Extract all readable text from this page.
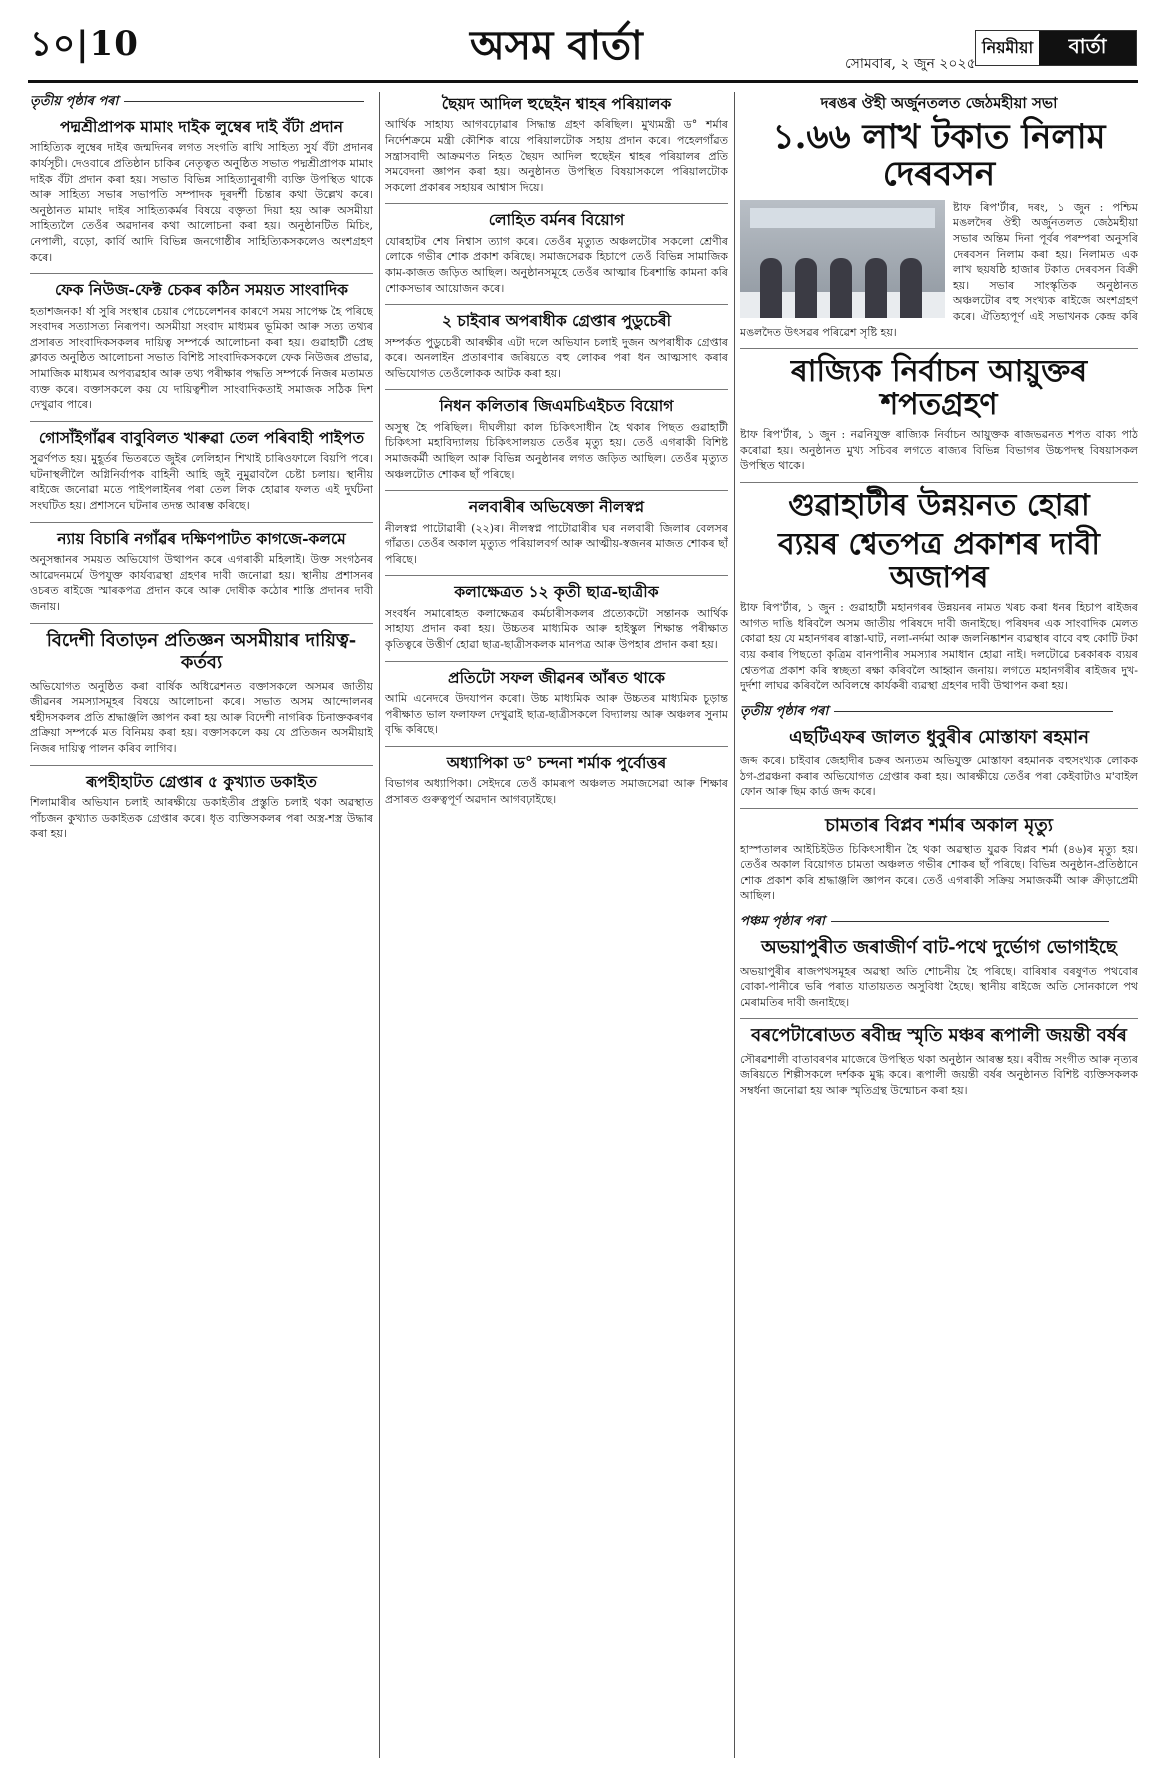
১০|10	অসম বাৰ্তা	সোমবাৰ, ২ জুন ২০২৫
নিয়মীয়া	বাৰ্তা
তৃতীয় পৃষ্ঠাৰ পৰা
পদ্মশ্ৰীপ্ৰাপক মামাং দাইক লুম্বেৰ দাই বঁটা প্ৰদান
সাহিত্যিক লুম্বেৰ দাইৰ জন্মদিনৰ লগত সংগতি ৰাখি সাহিত্য সুৰ্য বঁটা প্ৰদানৰ কাৰ্যসূচী। দেওবাৰে প্ৰতিষ্ঠান চাকিৰ নেতৃত্বত অনুষ্ঠিত সভাত পদ্মশ্ৰীপ্ৰাপক মামাং দাইক বঁটা প্ৰদান কৰা হয়। সভাত বিভিন্ন সাহিত্যানুৰাগী ব্যক্তি উপস্থিত থাকে আৰু সাহিত্য সভাৰ সভাপতি সম্পাদক দূৰদৰ্শী চিন্তাৰ কথা উল্লেখ কৰে। অনুষ্ঠানত মামাং দাইৰ সাহিত্যকৰ্মৰ বিষয়ে বক্তৃতা দিয়া হয় আৰু অসমীয়া সাহিত্যলৈ তেওঁৰ অৱদানৰ কথা আলোচনা কৰা হয়। অনুষ্ঠানটিত মিচিং, নেপালী, বড়ো, কাৰ্বি আদি বিভিন্ন জনগোষ্ঠীৰ সাহিত্যিকসকলেও অংশগ্ৰহণ কৰে।
ফেক নিউজ-ফেক্ট চেকৰ কঠিন সময়ত সাংবাদিক
হতাশজনক! ৰ্ষা সুৰি সংস্থাৰ চেয়াৰ পেচেলেশনৰ কাৰণে সময় সাপেক্ষ হৈ পৰিছে সংবাদৰ সত্যাসত্য নিৰূপণ। অসমীয়া সংবাদ মাধ্যমৰ ভূমিকা আৰু সত্য তথ্যৰ প্ৰসাৰত সাংবাদিকসকলৰ দায়িত্ব সম্পৰ্কে আলোচনা কৰা হয়। গুৱাহাটী প্ৰেছ ক্লাবত অনুষ্ঠিত আলোচনা সভাত বিশিষ্ট সাংবাদিকসকলে ফেক নিউজৰ প্ৰভাৱ, সামাজিক মাধ্যমৰ অপব্যৱহাৰ আৰু তথ্য পৰীক্ষাৰ পদ্ধতি সম্পৰ্কে নিজৰ মতামত ব্যক্ত কৰে। বক্তাসকলে কয় যে দায়িত্বশীল সাংবাদিকতাই সমাজক সঠিক দিশ দেখুৱাব পাৰে।
গোসাঁইগাঁৱৰ বাবুবিলত খাৰুৱা তেল পৰিবাহী পাইপত
সুৱৰ্ণপত হয়। মুহূৰ্তৰ ভিতৰতে জুইৰ লেলিহান শিখাই চাৰিওফালে বিয়পি পৰে। ঘটনাস্থলীলৈ অগ্নিনিৰ্বাপক বাহিনী আহি জুই নুমুৱাবলৈ চেষ্টা চলায়। স্থানীয় ৰাইজে জনোৱা মতে পাইপলাইনৰ পৰা তেল লিক হোৱাৰ ফলত এই দুৰ্ঘটনা সংঘটিত হয়। প্ৰশাসনে ঘটনাৰ তদন্ত আৰম্ভ কৰিছে।
ন্যায় বিচাৰি নগাঁৱৰ দক্ষিণপাটত কাগজে-কলমে
অনুসন্ধানৰ সময়ত অভিযোগ উত্থাপন কৰে এগৰাকী মহিলাই। উক্ত সংগঠনৰ আৱেদনমৰ্মে উপযুক্ত কাৰ্যব্যৱস্থা গ্ৰহণৰ দাবী জনোৱা হয়। স্থানীয় প্ৰশাসনৰ ওচৰত ৰাইজে স্মাৰকপত্ৰ প্ৰদান কৰে আৰু দোষীক কঠোৰ শাস্তি প্ৰদানৰ দাবী জনায়।
বিদেশী বিতাড়ন প্ৰতিজ্ঞন অসমীয়াৰ দায়িত্ব-কৰ্তব্য
অভিযোগত অনুষ্ঠিত কৰা বাৰ্ষিক অধিৱেশনত বক্তাসকলে অসমৰ জাতীয় জীৱনৰ সমস্যাসমূহৰ বিষয়ে আলোচনা কৰে। সভাত অসম আন্দোলনৰ শ্বহীদসকলৰ প্ৰতি শ্ৰদ্ধাঞ্জলি জ্ঞাপন কৰা হয় আৰু বিদেশী নাগৰিক চিনাক্তকৰণৰ প্ৰক্ৰিয়া সম্পৰ্কে মত বিনিময় কৰা হয়। বক্তাসকলে কয় যে প্ৰতিজন অসমীয়াই নিজৰ দায়িত্ব পালন কৰিব লাগিব।
ৰূপহীহাটত গ্ৰেপ্তাৰ ৫ কুখ্যাত ডকাইত
শিলামাৰীৰ অভিযান চলাই আৰক্ষীয়ে ডকাইতীৰ প্ৰস্তুতি চলাই থকা অৱস্থাত পাঁচজন কুখ্যাত ডকাইতক গ্ৰেপ্তাৰ কৰে। ধৃত ব্যক্তিসকলৰ পৰা অস্ত্ৰ-শস্ত্ৰ উদ্ধাৰ কৰা হয়।
ছৈয়দ আদিল হুছেইন শ্বাহৰ পৰিয়ালক
আৰ্থিক সাহায্য আগবঢ়োৱাৰ সিদ্ধান্ত গ্ৰহণ কৰিছিল। মুখ্যমন্ত্ৰী ড° শৰ্মাৰ নিৰ্দেশক্ৰমে মন্ত্ৰী কৌশিক ৰায়ে পৰিয়ালটোক সহায় প্ৰদান কৰে। পহেলগাঁৱত সন্ত্ৰাসবাদী আক্ৰমণত নিহত ছৈয়দ আদিল হুছেইন শ্বাহৰ পৰিয়ালৰ প্ৰতি সমবেদনা জ্ঞাপন কৰা হয়। অনুষ্ঠানত উপস্থিত বিষয়াসকলে পৰিয়ালটোক সকলো প্ৰকাৰৰ সহায়ৰ আশ্বাস দিয়ে।
লোহিত বৰ্মনৰ বিয়োগ
যোৰহাটৰ শেষ নিশ্বাস ত্যাগ কৰে। তেওঁৰ মৃত্যুত অঞ্চলটোৰ সকলো শ্ৰেণীৰ লোকে গভীৰ শোক প্ৰকাশ কৰিছে। সমাজসেৱক হিচাপে তেওঁ বিভিন্ন সামাজিক কাম-কাজত জড়িত আছিল। অনুষ্ঠানসমূহে তেওঁৰ আত্মাৰ চিৰশান্তি কামনা কৰি শোকসভাৰ আয়োজন কৰে।
২ চাইবাৰ অপৰাধীক গ্ৰেপ্তাৰ পুডুচেৰী
সম্পৰ্কত পুডুচেৰী আৰক্ষীৰ এটা দলে অভিযান চলাই দুজন অপৰাধীক গ্ৰেপ্তাৰ কৰে। অনলাইন প্ৰতাৰণাৰ জৰিয়তে বহু লোকৰ পৰা ধন আত্মসাৎ কৰাৰ অভিযোগত তেওঁলোকক আটক কৰা হয়।
নিধন কলিতাৰ জিএমচিএইচত বিয়োগ
অসুস্থ হৈ পৰিছিল। দীঘলীয়া কাল চিকিৎসাধীন হৈ থকাৰ পিছত গুৱাহাটী চিকিৎসা মহাবিদ্যালয় চিকিৎসালয়ত তেওঁৰ মৃত্যু হয়। তেওঁ এগৰাকী বিশিষ্ট সমাজকৰ্মী আছিল আৰু বিভিন্ন অনুষ্ঠানৰ লগত জড়িত আছিল। তেওঁৰ মৃত্যুত অঞ্চলটোত শোকৰ ছাঁ পৰিছে।
নলবাৰীৰ অভিষেক্তা নীলস্বপ্ন
নীলস্বপ্ন পাটোৱাৰী (২২)ৰ। নীলস্বপ্ন পাটোৱাৰীৰ ঘৰ নলবাৰী জিলাৰ বেলসৰ গাঁৱত। তেওঁৰ অকাল মৃত্যুত পৰিয়ালবৰ্গ আৰু আত্মীয়-স্বজনৰ মাজত শোকৰ ছাঁ পৰিছে।
কলাক্ষেত্ৰত ১২ কৃতী ছাত্ৰ-ছাত্ৰীক
সংবৰ্ধন সমাৰোহত কলাক্ষেত্ৰৰ কৰ্মচাৰীসকলৰ প্ৰত্যেকটো সন্তানক আৰ্থিক সাহায্য প্ৰদান কৰা হয়। উচ্চতৰ মাধ্যমিক আৰু হাইস্কুল শিক্ষান্ত পৰীক্ষাত কৃতিত্বৰে উত্তীৰ্ণ হোৱা ছাত্ৰ-ছাত্ৰীসকলক মানপত্ৰ আৰু উপহাৰ প্ৰদান কৰা হয়।
প্ৰতিটো সফল জীৱনৰ আঁৰত থাকে
আমি এনেদৰে উদযাপন কৰো। উচ্চ মাধ্যমিক আৰু উচ্চতৰ মাধ্যমিক চূড়ান্ত পৰীক্ষাত ভাল ফলাফল দেখুৱাই ছাত্ৰ-ছাত্ৰীসকলে বিদ্যালয় আৰু অঞ্চলৰ সুনাম বৃদ্ধি কৰিছে।
অধ্যাপিকা ড° চন্দনা শৰ্মাক পুৰ্বোত্তৰ
বিভাগৰ অধ্যাপিকা। সেইদৰে তেওঁ কামৰূপ অঞ্চলত সমাজসেৱা আৰু শিক্ষাৰ প্ৰসাৰত গুৰুত্বপূৰ্ণ অৱদান আগবঢ়াইছে।
দৰঙৰ ঔহী অৰ্জুনতলত জেঠমহীয়া সভা
১.৬৬ লাখ টকাত নিলাম দেৰবসন
ষ্টাফ ৰিপ'ৰ্টাৰ, দৰং, ১ জুন : পশ্চিম মঙলদৈৰ ঔহী অৰ্জুনতলত জেঠমহীয়া সভাৰ অন্তিম দিনা পূৰ্বৰ পৰম্পৰা অনুসৰি দেৰবসন নিলাম কৰা হয়। নিলামত এক লাখ ছয়ষষ্ঠি হাজাৰ টকাত দেৰবসন বিক্ৰী হয়। সভাৰ সাংস্কৃতিক অনুষ্ঠানত অঞ্চলটোৰ বহু সংখ্যক ৰাইজে অংশগ্ৰহণ কৰে। ঐতিহ্যপূৰ্ণ এই সভাখনক কেন্দ্ৰ কৰি মঙলদৈত উৎসৱৰ পৰিৱেশ সৃষ্টি হয়।
ৰাজ্যিক নিৰ্বাচন আয়ুক্তৰ শপতগ্ৰহণ
ষ্টাফ ৰিপ'ৰ্টাৰ, ১ জুন : নৱনিযুক্ত ৰাজ্যিক নিৰ্বাচন আয়ুক্তক ৰাজভৱনত শপত বাক্য পাঠ কৰোৱা হয়। অনুষ্ঠানত মুখ্য সচিবৰ লগতে ৰাজ্যৰ বিভিন্ন বিভাগৰ উচ্চপদস্থ বিষয়াসকল উপস্থিত থাকে।
গুৱাহাটীৰ উন্নয়নত হোৱা
ব্যয়ৰ শ্বেতপত্ৰ প্ৰকাশৰ দাবী অজাপৰ
ষ্টাফ ৰিপ'ৰ্টাৰ, ১ জুন : গুৱাহাটী মহানগৰৰ উন্নয়নৰ নামত খৰচ কৰা ধনৰ হিচাপ ৰাইজৰ আগত দাঙি ধৰিবলৈ অসম জাতীয় পৰিষদে দাবী জনাইছে। পৰিষদৰ এক সাংবাদিক মেলত কোৱা হয় যে মহানগৰৰ ৰাস্তা-ঘাট, নলা-নৰ্দমা আৰু জলনিষ্কাশন ব্যৱস্থাৰ বাবে বহু কোটি টকা ব্যয় কৰাৰ পিছতো কৃত্ৰিম বানপানীৰ সমস্যাৰ সমাধান হোৱা নাই। দলটোৱে চৰকাৰক ব্যয়ৰ শ্বেতপত্ৰ প্ৰকাশ কৰি স্বচ্ছতা ৰক্ষা কৰিবলৈ আহ্বান জনায়। লগতে মহানগৰীৰ ৰাইজৰ দুখ-দুৰ্দশা লাঘৱ কৰিবলৈ অবিলম্বে কাৰ্যকৰী ব্যৱস্থা গ্ৰহণৰ দাবী উত্থাপন কৰা হয়।
তৃতীয় পৃষ্ঠাৰ পৰা
এছটিএফৰ জালত ধুবুৰীৰ মোস্তাফা ৰহমান
জব্দ কৰে। চাইবাৰ জেহাদীৰ চক্ৰৰ অন্যতম অভিযুক্ত মোস্তাফা ৰহমানক বহুসংখ্যক লোকক ঠগ-প্ৰৱঞ্চনা কৰাৰ অভিযোগত গ্ৰেপ্তাৰ কৰা হয়। আৰক্ষীয়ে তেওঁৰ পৰা কেইবাটাও ম'বাইল ফোন আৰু ছিম কাৰ্ড জব্দ কৰে।
চামতাৰ বিপ্লব শৰ্মাৰ অকাল মৃত্যু
হাস্পতালৰ আইচিইউত চিকিৎসাধীন হৈ থকা অৱস্থাত যুৱক বিপ্লব শৰ্মা (৪৬)ৰ মৃত্যু হয়। তেওঁৰ অকাল বিয়োগত চামতা অঞ্চলত গভীৰ শোকৰ ছাঁ পৰিছে। বিভিন্ন অনুষ্ঠান-প্ৰতিষ্ঠানে শোক প্ৰকাশ কৰি শ্ৰদ্ধাঞ্জলি জ্ঞাপন কৰে। তেওঁ এগৰাকী সক্ৰিয় সমাজকৰ্মী আৰু ক্ৰীড়াপ্ৰেমী আছিল।
পঞ্চম পৃষ্ঠাৰ পৰা
অভয়াপুৰীত জৰাজীৰ্ণ বাট-পথে দুৰ্ভোগ ভোগাইছে
অভয়াপুৰীৰ ৰাজপথসমূহৰ অৱস্থা অতি শোচনীয় হৈ পৰিছে। বাৰিষাৰ বৰষুণত পথবোৰ বোকা-পানীৰে ভৰি পৰাত যাতায়তত অসুবিধা হৈছে। স্থানীয় ৰাইজে অতি সোনকালে পথ মেৰামতিৰ দাবী জনাইছে।
বৰপেটাৰোডত ৰবীন্দ্ৰ স্মৃতি মঞ্চৰ ৰূপালী জয়ন্তী বৰ্ষৰ
সৌৰৱশালী বাতাবৰণৰ মাজেৰে উপস্থিত থকা অনুষ্ঠান আৰম্ভ হয়। ৰবীন্দ্ৰ সংগীত আৰু নৃত্যৰ জৰিয়তে শিল্পীসকলে দৰ্শকক মুগ্ধ কৰে। ৰূপালী জয়ন্তী বৰ্ষৰ অনুষ্ঠানত বিশিষ্ট ব্যক্তিসকলক সম্বৰ্ধনা জনোৱা হয় আৰু স্মৃতিগ্ৰন্থ উন্মোচন কৰা হয়।
